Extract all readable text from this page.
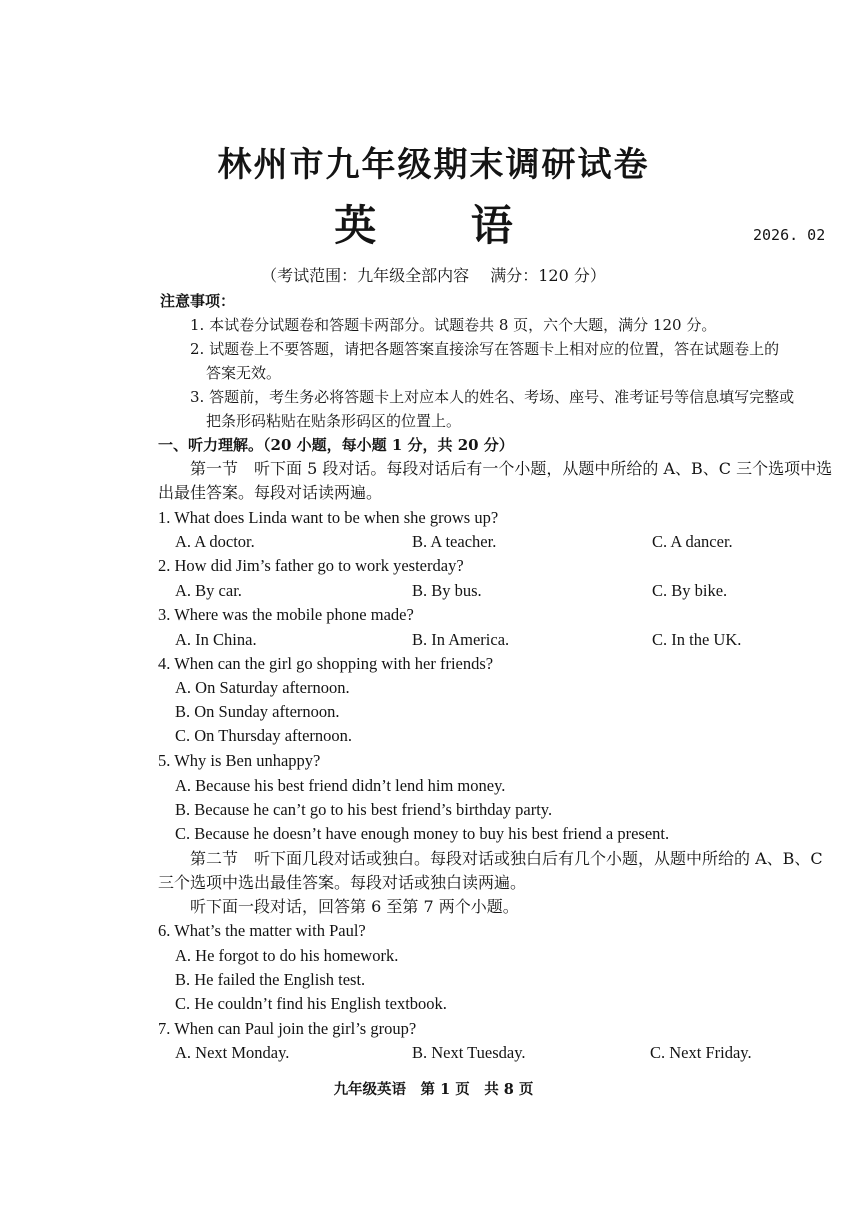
林州市九年级期末调研试卷
英 语	2026. 02
（考试范围：九年级全部内容　 满分：120 分）
注意事项：
1. 本试卷分试题卷和答题卡两部分。试题卷共 8 页，六个大题，满分 120 分。
2. 试题卷上不要答题，请把各题答案直接涂写在答题卡上相对应的位置，答在试题卷上的
答案无效。
3. 答题前，考生务必将答题卡上对应本人的姓名、考场、座号、准考证号等信息填写完整或
把条形码粘贴在贴条形码区的位置上。
一、听力理解。（20 小题，每小题 1 分，共 20 分）
第一节　听下面 5 段对话。每段对话后有一个小题，从题中所给的 A、B、C 三个选项中选
出最佳答案。每段对话读两遍。
1. What does Linda want to be when she grows up?
A. A doctor.	B. A teacher.	C. A dancer.
2. How did Jim’s father go to work yesterday?
A. By car.	B. By bus.	C. By bike.
3. Where was the mobile phone made?
A. In China.	B. In America.	C. In the UK.
4. When can the girl go shopping with her friends?
A. On Saturday afternoon.
B. On Sunday afternoon.
C. On Thursday afternoon.
5. Why is Ben unhappy?
A. Because his best friend didn’t lend him money.
B. Because he can’t go to his best friend’s birthday party.
C. Because he doesn’t have enough money to buy his best friend a present.
第二节　听下面几段对话或独白。每段对话或独白后有几个小题，从题中所给的 A、B、C
三个选项中选出最佳答案。每段对话或独白读两遍。
听下面一段对话，回答第 6 至第 7 两个小题。
6. What’s the matter with Paul?
A. He forgot to do his homework.
B. He failed the English test.
C. He couldn’t find his English textbook.
7. When can Paul join the girl’s group?
A. Next Monday.	B. Next Tuesday.	C. Next Friday.
九年级英语　第 1 页　共 8 页
